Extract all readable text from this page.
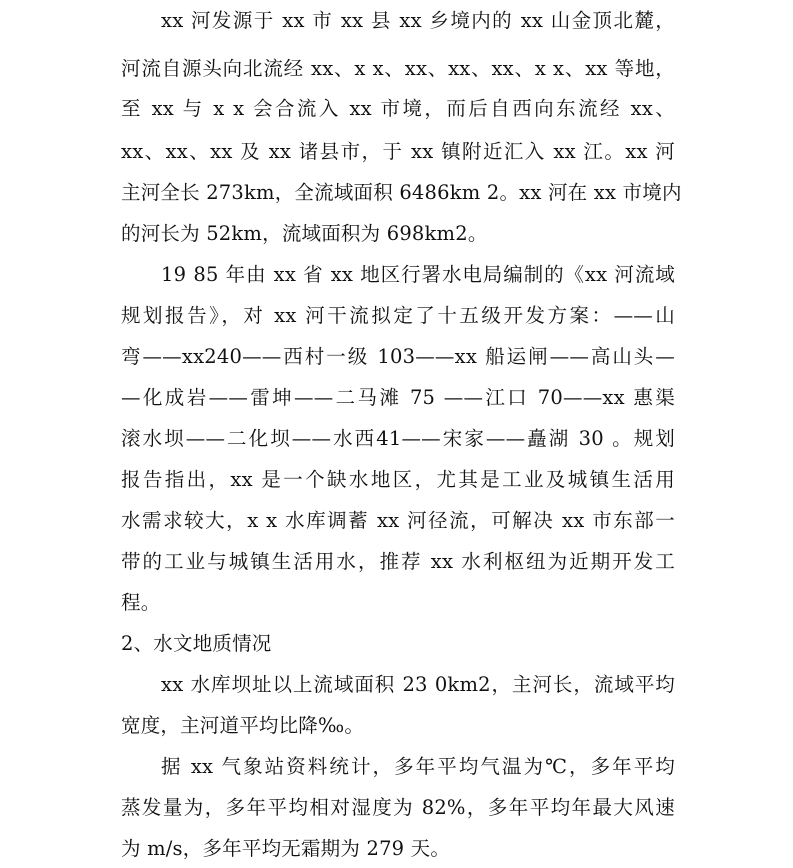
xx 河发源于 xx 市 xx 县 xx 乡境内的 xx 山金顶北麓，
河流自源头向北流经 xx、x x、xx、xx、xx、x x、xx 等地，
至 xx 与 x x 会合流入 xx 市境，而后自西向东流经 xx、
xx、xx、xx 及 xx 诸县市，于 xx 镇附近汇入 xx 江。xx 河
主河全长 273km，全流域面积 6486km 2。xx 河在 xx 市境内
的河长为 52km，流域面积为 698km2。
19 85 年由 xx 省 xx 地区行署水电局编制的《xx 河流域
规划报告》，对 xx 河干流拟定了十五级开发方案：——山
弯——xx240——西村一级 103——xx 船运闸——高山头—
—化成岩——雷坤——二马滩 75 ——江口 70——xx 惠渠
滚水坝——二化坝——水西41——宋家——矗湖 30 。规划
报告指出，xx 是一个缺水地区，尤其是工业及城镇生活用
水需求较大，x x 水库调蓄 xx 河径流，可解决 xx 市东部一
带的工业与城镇生活用水，推荐 xx 水利枢纽为近期开发工
程。
2、水文地质情况
xx 水库坝址以上流域面积 23 0km2，主河长，流域平均
宽度，主河道平均比降‰。
据 xx 气象站资料统计，多年平均气温为℃，多年平均
蒸发量为，多年平均相对湿度为 82%，多年平均年最大风速
为 m/s，多年平均无霜期为 279 天。
